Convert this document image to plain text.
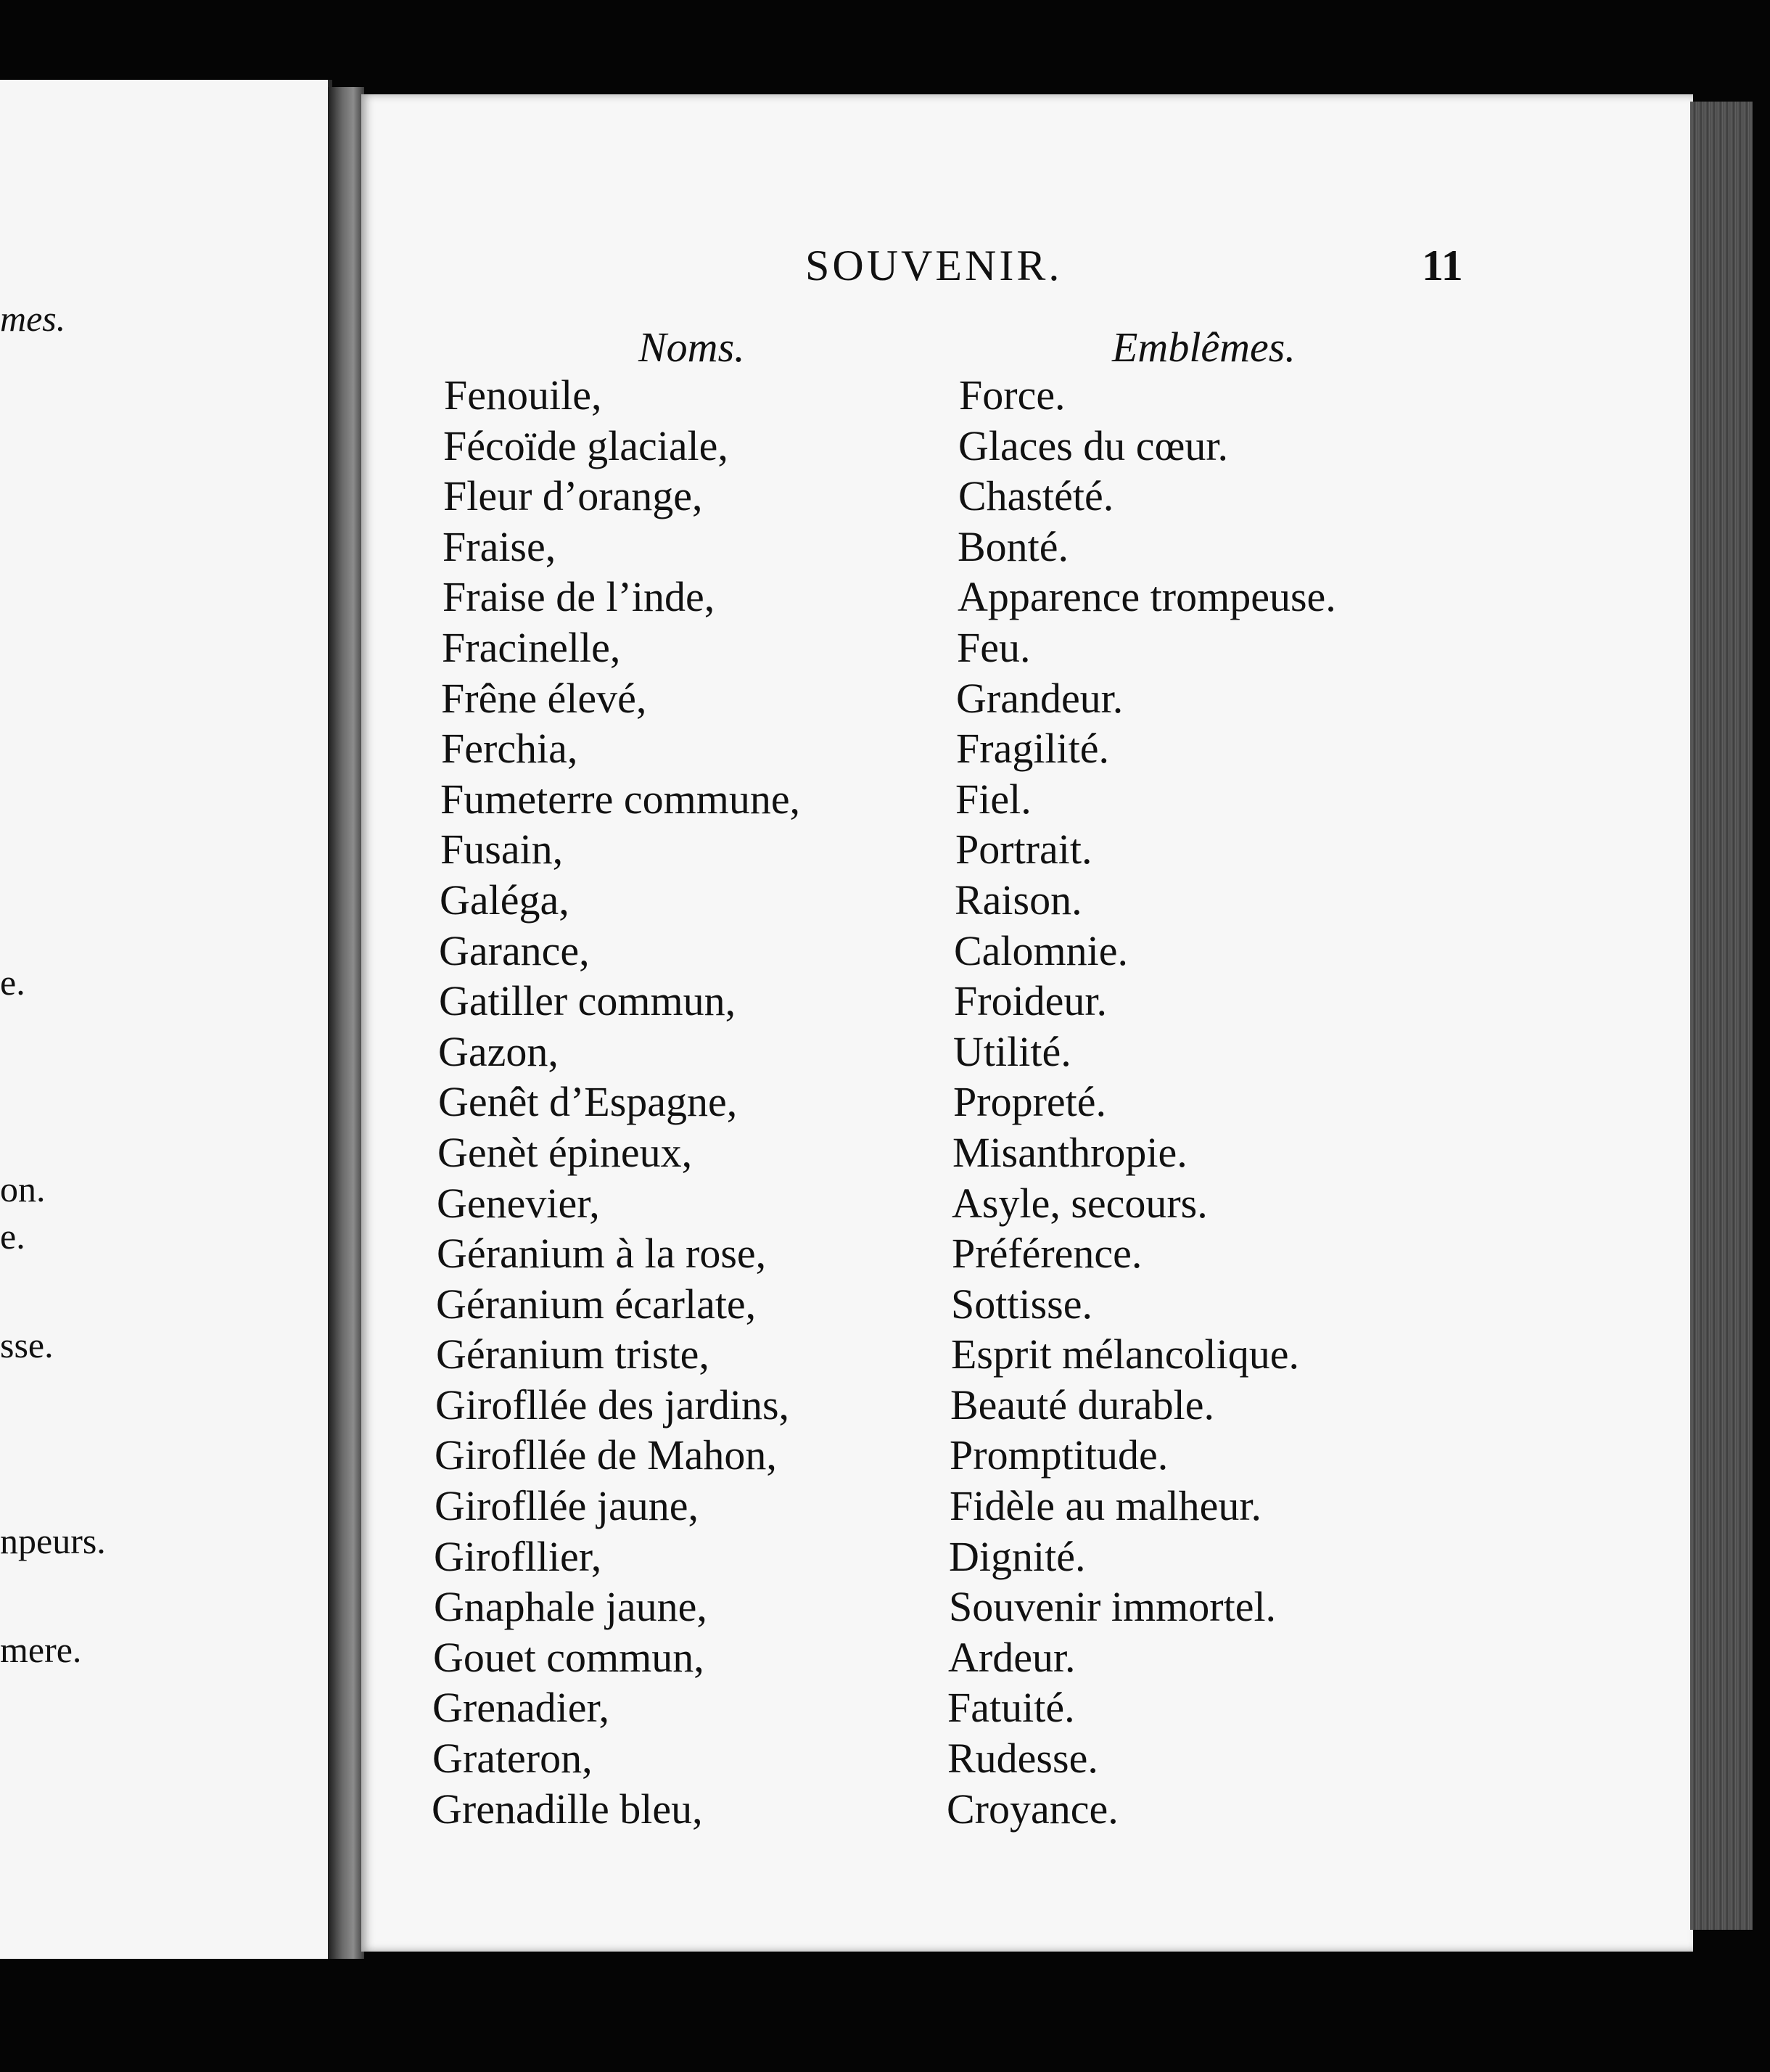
mes.
e.
on.
e.
sse.
npeurs.
mere.
SOUVENIR.	11
Noms.	Emblêmes.
Fenouile,	Force.
Fécoïde glaciale,	Glaces du cœur.
Fleur d’orange,	Chastété.
Fraise,	Bonté.
Fraise de l’inde,	Apparence trompeuse.
Fracinelle,	Feu.
Frêne élevé,	Grandeur.
Ferchia,	Fragilité.
Fumeterre commune,	Fiel.
Fusain,	Portrait.
Galéga,	Raison.
Garance,	Calomnie.
Gatiller commun,	Froideur.
Gazon,	Utilité.
Genêt d’Espagne,	Propreté.
Genèt épineux,	Misanthropie.
Genevier,	Asyle, secours.
Géranium à la rose,	Préférence.
Géranium écarlate,	Sottisse.
Géranium triste,	Esprit mélancolique.
Girofllée des jardins,	Beauté durable.
Girofllée de Mahon,	Promptitude.
Girofllée jaune,	Fidèle au malheur.
Girofllier,	Dignité.
Gnaphale jaune,	Souvenir immortel.
Gouet commun,	Ardeur.
Grenadier,	Fatuité.
Grateron,	Rudesse.
Grenadille bleu,	Croyance.
